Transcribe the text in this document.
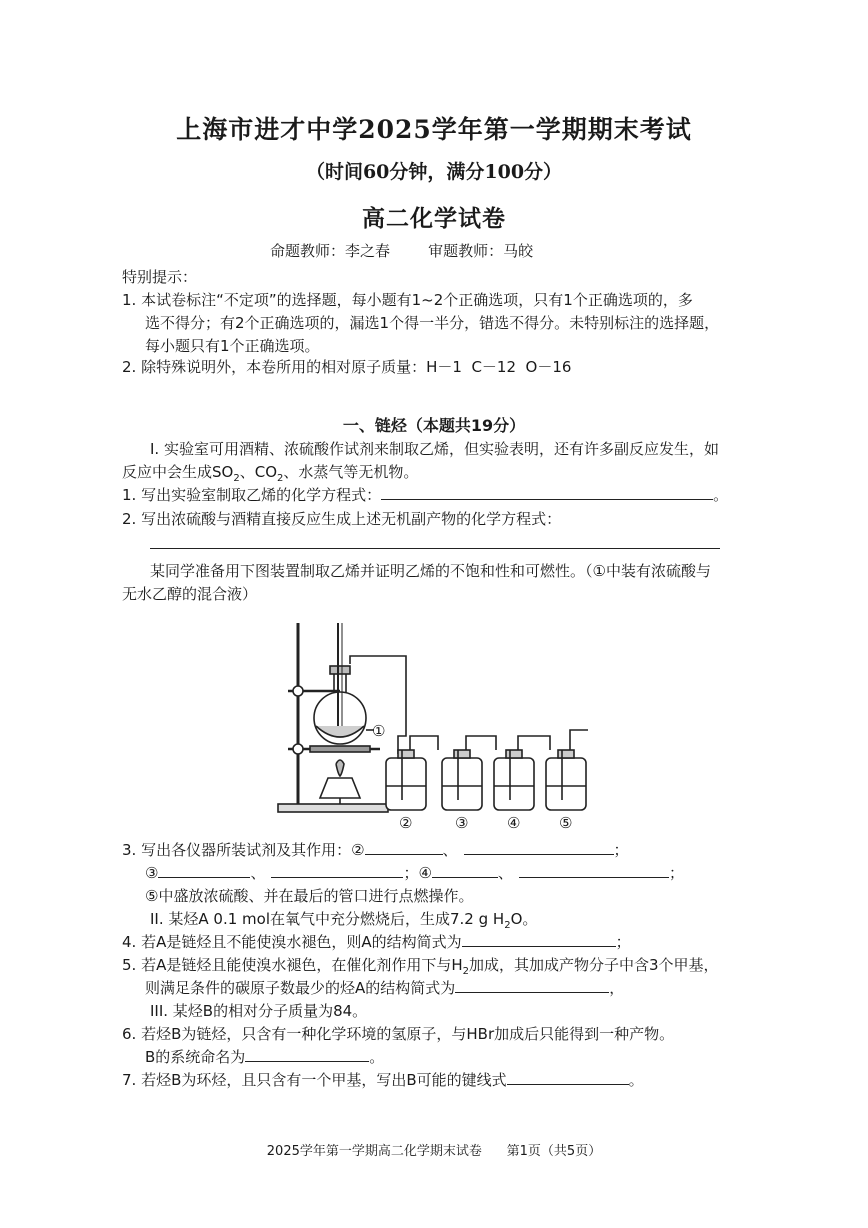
上海市进才中学2025学年第一学期期末考试
（时间60分钟，满分100分）
高二化学试卷
命题教师：李之春        审题教师：马皎
特别提示：
1. 本试卷标注“不定项”的选择题，每小题有1~2个正确选项，只有1个正确选项的，多
选不得分；有2个正确选项的，漏选1个得一半分，错选不得分。未特别标注的选择题，
每小题只有1个正确选项。
2. 除特殊说明外，本卷所用的相对原子质量：H－1  C－12  O－16
一、链烃（本题共19分）
I. 实验室可用酒精、浓硫酸作试剂来制取乙烯，但实验表明，还有许多副反应发生，如
反应中会生成$SO_2$、$CO_2$、水蒸气等无机物。
1. 写出实验室制取乙烯的化学方程式：	。
2. 写出浓硫酸与酒精直接反应生成上述无机副产物的化学方程式：
某同学准备用下图装置制取乙烯并证明乙烯的不饱和性和可燃性。（①中装有浓硫酸与
无水乙醇的混合液）
①
②	③	④	⑤
3. 写出各仪器所装试剂及其作用：②	、	；
③	、	；④	、	；
⑤中盛放浓硫酸、并在最后的管口进行点燃操作。
II. 某烃A 0.1 mol在氧气中充分燃烧后，生成7.2 g $H_2O$。
4. 若A是链烃且不能使溴水褪色，则A的结构简式为	；
5. 若A是链烃且能使溴水褪色，在催化剂作用下与$H_2$加成，其加成产物分子中含3个甲基，
则满足条件的碳原子数最少的烃A的结构简式为	，
III. 某烃B的相对分子质量为84。
6. 若烃B为链烃，只含有一种化学环境的氢原子，与HBr加成后只能得到一种产物。
B的系统命名为	。
7. 若烃B为环烃，且只含有一个甲基，写出B可能的键线式	。
2025学年第一学期高二化学期末试卷      第1页（共5页）
